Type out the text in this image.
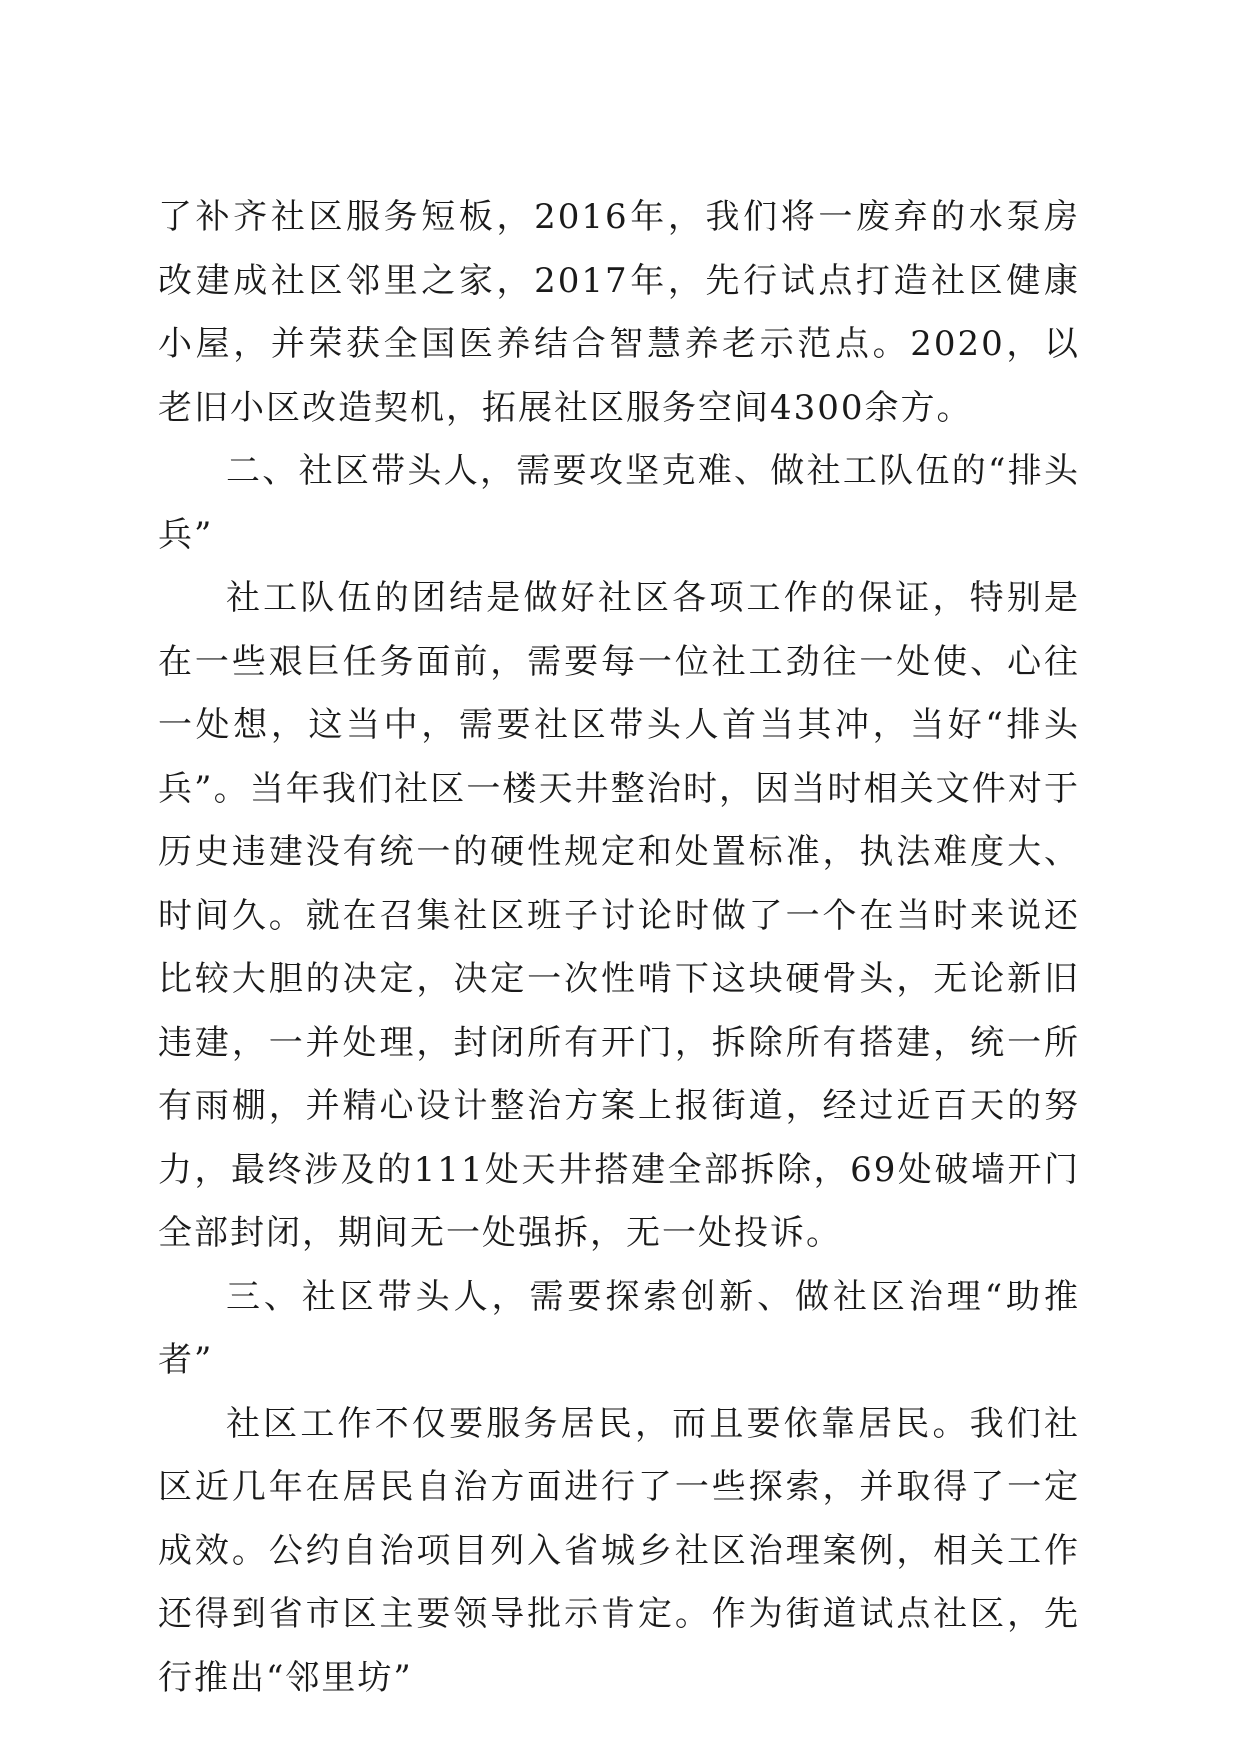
了补齐社区服务短板，2016年，我们将一废弃的水泵房改建成社区邻里之家，2017年，先行试点打造社区健康小屋，并荣获全国医养结合智慧养老示范点。2020，以老旧小区改造契机，拓展社区服务空间4300余方。

二、社区带头人，需要攻坚克难、做社工队伍的“排头兵”

社工队伍的团结是做好社区各项工作的保证，特别是在一些艰巨任务面前，需要每一位社工劲往一处使、心往一处想，这当中，需要社区带头人首当其冲，当好“排头兵”。当年我们社区一楼天井整治时，因当时相关文件对于历史违建没有统一的硬性规定和处置标准，执法难度大、时间久。就在召集社区班子讨论时做了一个在当时来说还比较大胆的决定，决定一次性啃下这块硬骨头，无论新旧违建，一并处理，封闭所有开门，拆除所有搭建，统一所有雨棚，并精心设计整治方案上报街道，经过近百天的努力，最终涉及的111处天井搭建全部拆除，69处破墙开门全部封闭，期间无一处强拆，无一处投诉。

三、社区带头人，需要探索创新、做社区治理“助推者”

社区工作不仅要服务居民，而且要依靠居民。我们社区近几年在居民自治方面进行了一些探索，并取得了一定成效。公约自治项目列入省城乡社区治理案例，相关工作还得到省市区主要领导批示肯定。作为街道试点社区，先行推出“邻里坊”
